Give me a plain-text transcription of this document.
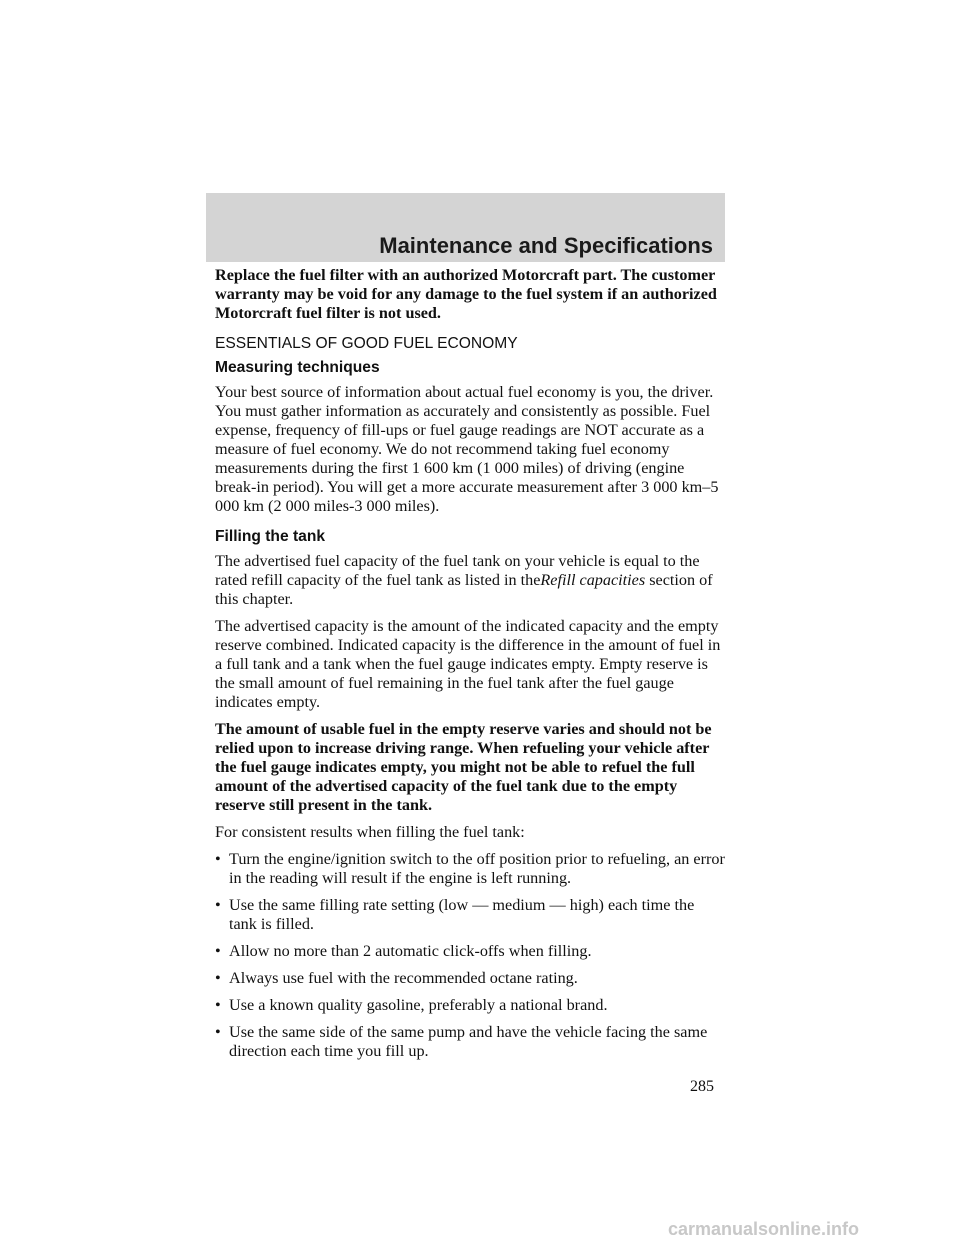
Maintenance and Specifications

Replace the fuel filter with an authorized Motorcraft part. The customer warranty may be void for any damage to the fuel system if an authorized Motorcraft fuel filter is not used.

ESSENTIALS OF GOOD FUEL ECONOMY
Measuring techniques

Your best source of information about actual fuel economy is you, the driver. You must gather information as accurately and consistently as possible. Fuel expense, frequency of fill-ups or fuel gauge readings are NOT accurate as a measure of fuel economy. We do not recommend taking fuel economy measurements during the first 1 600 km (1 000 miles) of driving (engine break-in period). You will get a more accurate measurement after 3 000 km–5 000 km (2 000 miles-3 000 miles).

Filling the tank

The advertised fuel capacity of the fuel tank on your vehicle is equal to the rated refill capacity of the fuel tank as listed in theRefill capacities section of this chapter.

The advertised capacity is the amount of the indicated capacity and the empty reserve combined. Indicated capacity is the difference in the amount of fuel in a full tank and a tank when the fuel gauge indicates empty. Empty reserve is the small amount of fuel remaining in the fuel tank after the fuel gauge indicates empty.

The amount of usable fuel in the empty reserve varies and should not be relied upon to increase driving range. When refueling your vehicle after the fuel gauge indicates empty, you might not be able to refuel the full amount of the advertised capacity of the fuel tank due to the empty reserve still present in the tank.

For consistent results when filling the fuel tank:

• Turn the engine/ignition switch to the off position prior to refueling, an error in the reading will result if the engine is left running.
• Use the same filling rate setting (low — medium — high) each time the tank is filled.
• Allow no more than 2 automatic click-offs when filling.
• Always use fuel with the recommended octane rating.
• Use a known quality gasoline, preferably a national brand.
• Use the same side of the same pump and have the vehicle facing the same direction each time you fill up.
285
carmanualsonline.info
